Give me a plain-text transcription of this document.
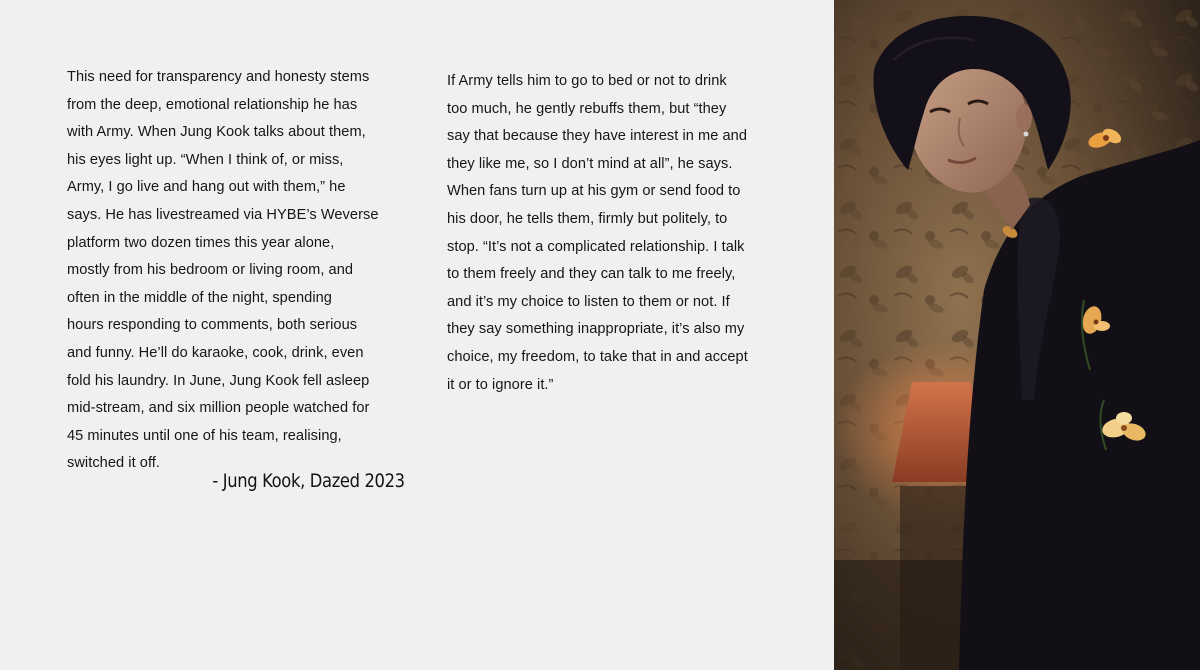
This need for transparency and honesty stems
from the deep, emotional relationship he has
with Army. When Jung Kook talks about them,
his eyes light up. “When I think of, or miss,
Army, I go live and hang out with them,” he
says. He has livestreamed via HYBE’s Weverse
platform two dozen times this year alone,
mostly from his bedroom or living room, and
often in the middle of the night, spending
hours responding to comments, both serious
and funny. He’ll do karaoke, cook, drink, even
fold his laundry. In June, Jung Kook fell asleep
mid-stream, and six million people watched for
45 minutes until one of his team, realising,
switched it off.
If Army tells him to go to bed or not to drink
too much, he gently rebuffs them, but “they
say that because they have interest in me and
they like me, so I don’t mind at all”, he says.
When fans turn up at his gym or send food to
his door, he tells them, firmly but politely, to
stop. “It’s not a complicated relationship. I talk
to them freely and they can talk to me freely,
and it’s my choice to listen to them or not. If
they say something inappropriate, it’s also my
choice, my freedom, to take that in and accept
it or to ignore it.”
- Jung Kook, Dazed 2023
